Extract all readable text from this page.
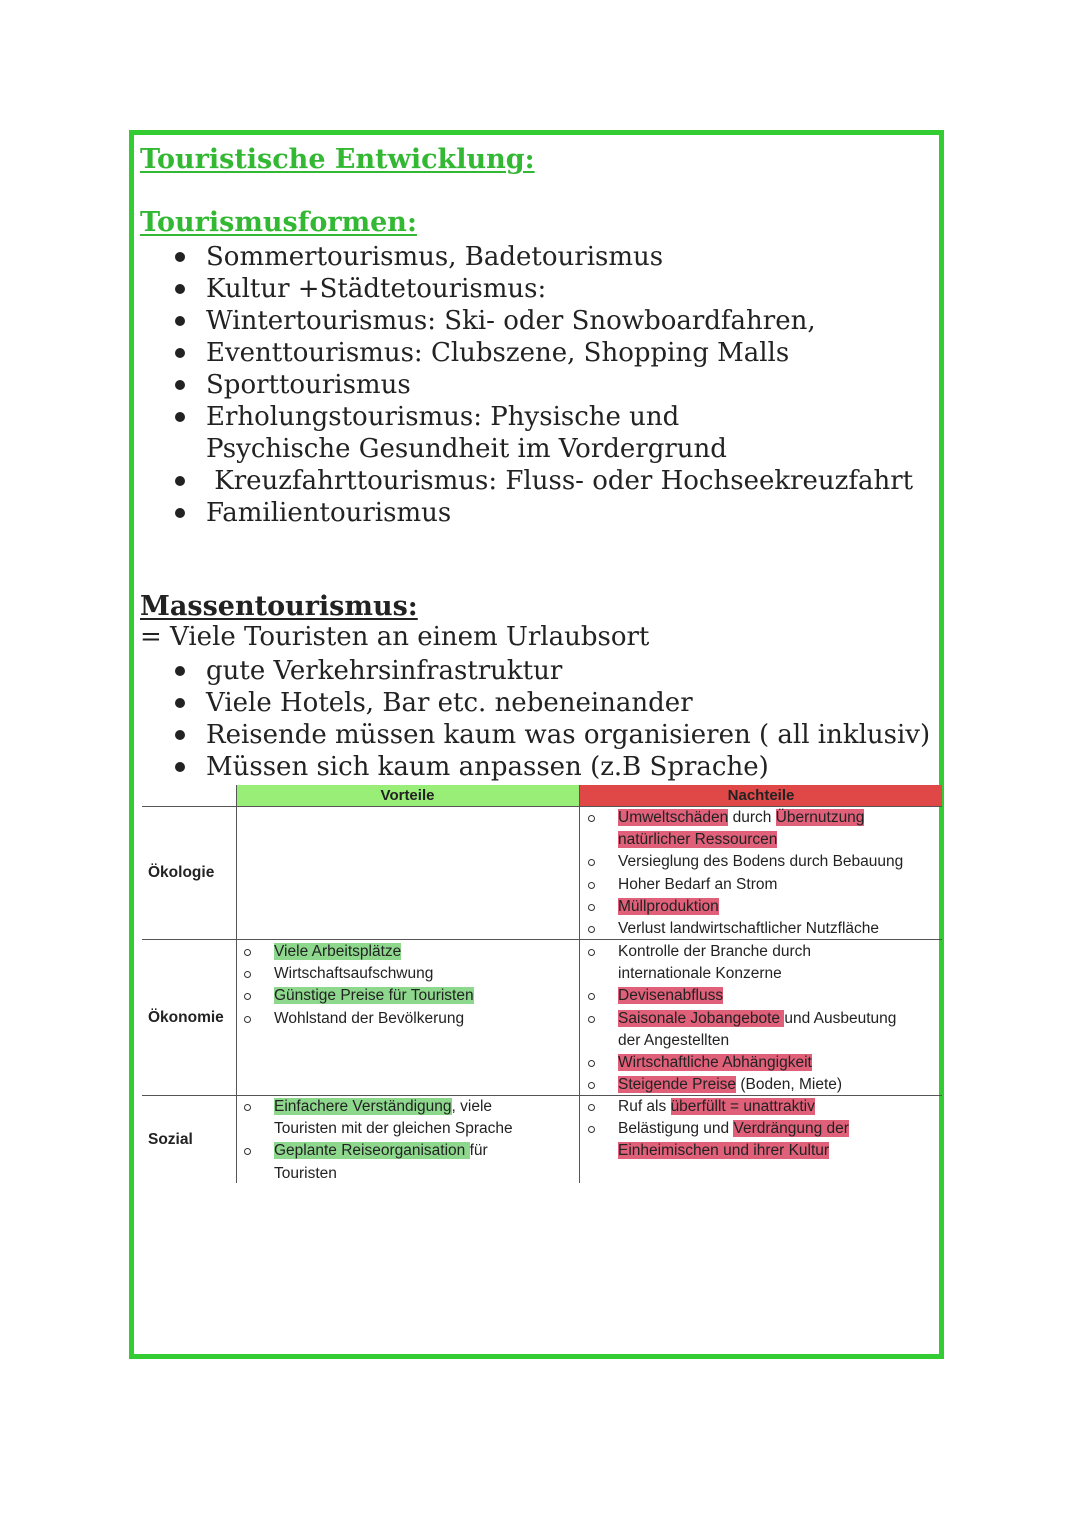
Touristische Entwicklung:
Tourismusformen:
Sommertourismus, Badetourismus
Kultur +Städtetourismus:
Wintertourismus: Ski- oder Snowboardfahren,
Eventtourismus: Clubszene, Shopping Malls
Sporttourismus
Erholungstourismus: Physische und Psychische Gesundheit im Vordergrund
Kreuzfahrttourismus: Fluss- oder Hochseekreuzfahrt
Familientourismus
Massentourismus:

= Viele Touristen an einem Urlaubsort

gute Verkehrsinfrastruktur
Viele Hotels, Bar etc. nebeneinander
Reisende müssen kaum was organisieren ( all inklusiv)
Müssen sich kaum anpassen (z.B Sprache)
Vorteile	Nachteile
Ökologie
Ökonomie
Sozial
Umweltschäden durch Übernutzung natürlicher Ressourcen
Versieglung des Bodens durch Bebauung
Hoher Bedarf an Strom
Müllproduktion
Verlust landwirtschaftlicher Nutzfläche
Viele Arbeitsplätze
Wirtschaftsaufschwung
Günstige Preise für Touristen
Wohlstand der Bevölkerung
Kontrolle der Branche durch internationale Konzerne
Devisenabfluss
Saisonale Jobangebote und Ausbeutung der Angestellten
Wirtschaftliche Abhängigkeit
Steigende Preise (Boden, Miete)
Einfachere Verständigung, viele Touristen mit der gleichen Sprache
Geplante Reiseorganisation für Touristen
Ruf als überfüllt = unattraktiv
Belästigung und Verdrängung der Einheimischen und ihrer Kultur
